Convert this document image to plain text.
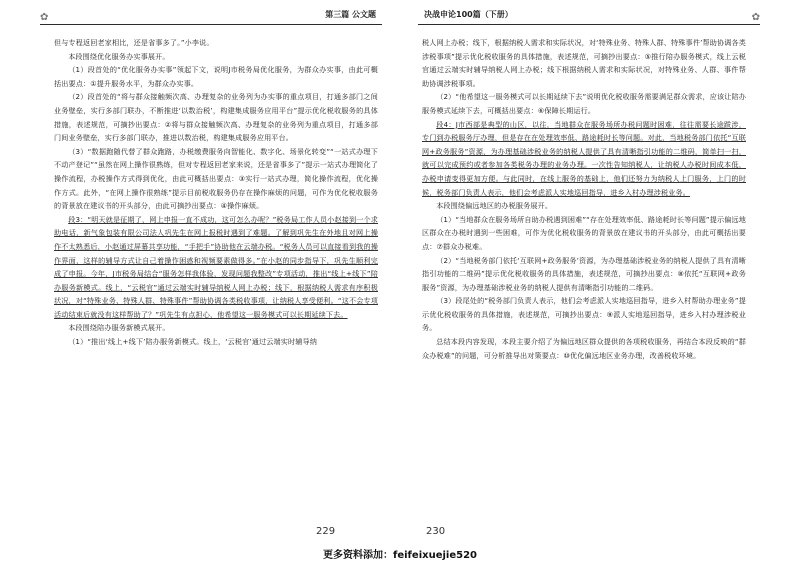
✿	第三篇 公文题

但与专程返回老家相比，还是省事多了。”小李说。

本段围绕优化服务办实事展开。

（1）段首处的“优化服务办实事”领起下文，说明J市税务局优化服务，为群众办实事，由此可概括出要点：①提升服务水平，为群众办实事。

（2）段首处的“将与群众接触频次高、办理复杂的业务列为办实事的重点项目，打通多部门之间业务壁垒，实行多部门联办，不断推进‘以数治税’，构建集成服务应用平台”提示优化税收服务的具体措施，表述规范，可摘抄出要点：②将与群众接触频次高、办理复杂的业务列为重点项目，打通多部门间业务壁垒，实行多部门联办，推进以数治税，构建集成服务应用平台。

（3）“数据跑随代替了群众跑路，办税缴费服务向智能化、数字化、场景化转变”“一站式办理下不动产登记”“虽然在网上操作很熟练，但对专程返回老家来说，还是省事多了”提示一站式办理简化了操作流程，办税操作方式得到优化，由此可概括出要点：③实行一站式办理，简化操作流程，优化操作方式。此外，“在网上操作很熟练”提示目前税收服务仍存在操作麻烦的问题，可作为优化税收服务的背景放在建议书的开头部分，由此可摘抄出要点：④操作麻烦。

段3：“明天就是征期了，网上申报一直不成功，这可怎么办呢？”税务局工作人员小赵接到一个求助电话，新气象包装有限公司法人巩先生在网上报税时遇到了难题。了解到巩先生在外地且对网上操作不太熟悉后，小赵通过屏幕共享功能，“手把手”协助他在云端办税。“税务人员可以直接看到我的操作界面，这样的辅导方式让自己着操作困惑和视频要素做得多。”在小赵的同步指导下，巩先生顺利完成了申报。今年，J市税务局结合“服务怎样我体验，发现问题我整改”专项活动，推出“线上+线下”陪办服务新模式。线上，“云税官”通过云端实时辅导纳税人网上办税；线下，根据纳税人需求有序积极状况，对“特殊业务、特殊人群、特殊事件”帮助协调各类税收事项，让纳税人享受便利。“这不会专项活动结束后就没有这样帮助了？”巩先生有点担心，他希望这一服务模式可以长期延续下去。

本段围绕陪办服务新模式展开。

（1）“推出‘线上+线下’陪办服务新模式。线上，‘云税官’通过云端实时辅导纳

229
决战申论100篇（下册）	✿

税人网上办税；线下，根据纳税人需求和实际状况，对‘特殊业务、特殊人群、特殊事件’帮助协调各类涉税事项”提示优化税收服务的具体措施，表述规范，可摘抄出要点：⑤推行陪办服务模式，线上云税官通过云端实时辅导纳税人网上办税；线下根据纳税人需求和实际状况，对特殊业务、人群、事件帮助协调涉税事项。

（2）“他希望这一服务模式可以长期延续下去”说明优化税收服务需要满足群众需求，应该让陪办服务模式延续下去，可概括出要点：⑥保障长期运行。

段4：J市西部是典型的山区，以往，当地群众在服务场所办税问题时困难，往往需要长途跋涉，专门到办税服务厅办理，但是存在在处理效率低、路途耗时长等问题。对此，当地税务部门依托“互联网+政务服务”资源，为办理基础涉税业务的纳税人提供了具有清晰指引功能的二维码，简单扫一扫，就可以完成预约或者参加各类税务办理的业务办理。一次性告知纳税人，让纳税人办税时间成本低，办税申请变得更加方便。与此同时，在线上服务的基础上，他们还努力为纳税人上门服务，上门的时候，税务部门负责人表示，他们会考虑派人实地巡回指导，进乡入村办理涉税业务。

本段围绕偏远地区的办税服务展开。

（1）“当地群众在服务场所自助办税遇到困难”“存在处理效率低、路途耗时长等问题”提示偏远地区群众在办税时遇到一些困难，可作为优化税收服务的背景放在建议书的开头部分，由此可概括出要点：⑦群众办税难。

（2）“当地税务部门依托‘互联网+政务服务’资源，为办理基础涉税业务的纳税人提供了具有清晰指引功能的二维码”提示优化税收服务的具体措施，表述规范，可摘抄出要点：⑧依托“互联网+政务服务”资源，为办理基础涉税业务的纳税人提供有清晰指引功能的二维码。

（3）段尾处的“税务部门负责人表示，他们会考虑派人实地巡回指导，进乡入村帮助办理业务”提示优化税收服务的具体措施，表述规范，可摘抄出要点：⑨派人实地巡回指导，进乡入村办理涉税业务。

总结本段内容发现，本段主要介绍了为偏远地区群众提供的各项税收服务，再结合本段反映的“群众办税难”的问题，可分析推导出对策要点：⑩优化偏远地区业务办理，改善税收环境。

230
更多资料添加：feifeixuejie520
